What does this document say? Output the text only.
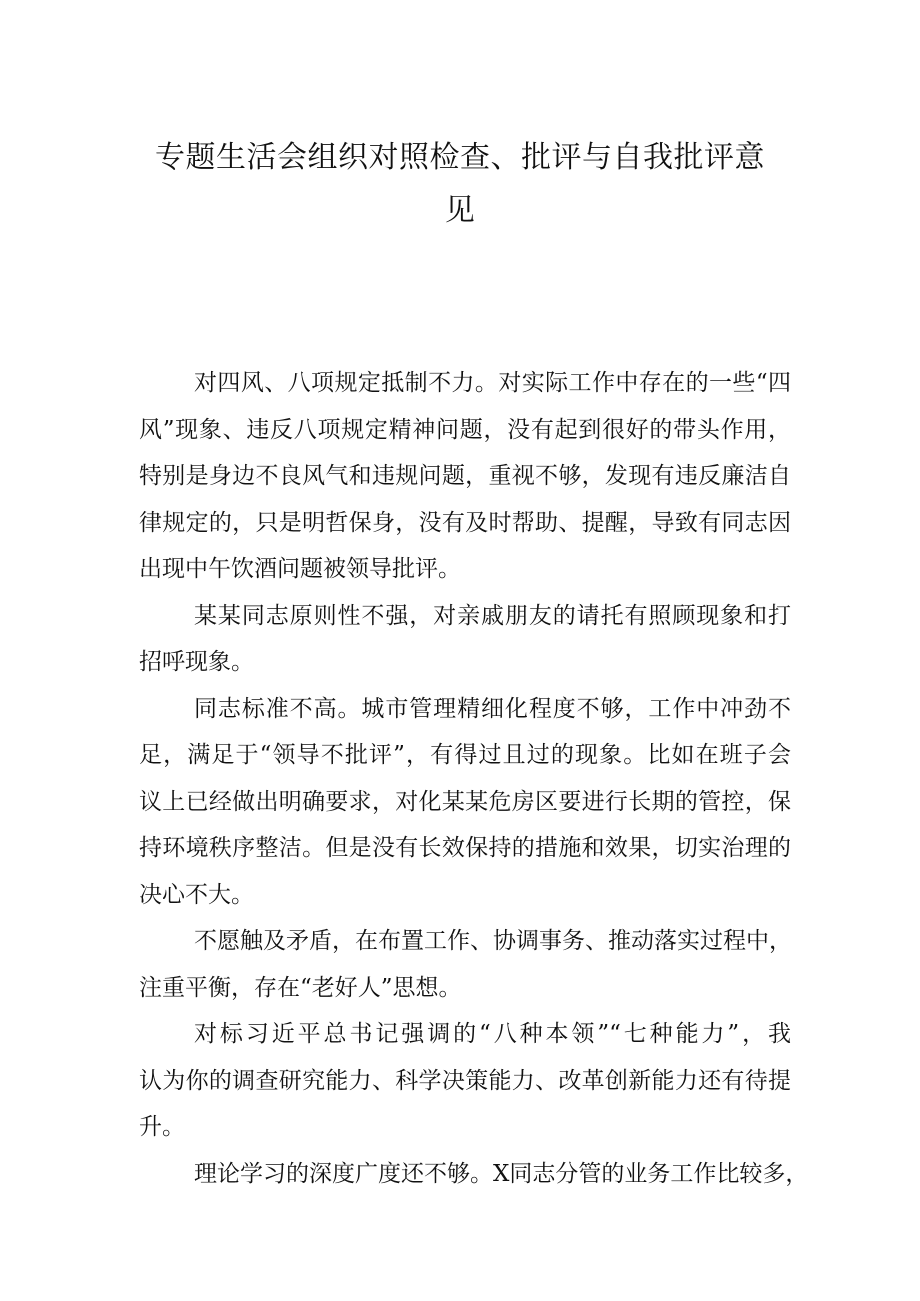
专题生活会组织对照检查、批评与自我批评意
见
对四风、八项规定抵制不力。对实际工作中存在的一些“四
风”现象、违反八项规定精神问题，没有起到很好的带头作用，
特别是身边不良风气和违规问题，重视不够，发现有违反廉洁自
律规定的，只是明哲保身，没有及时帮助、提醒，导致有同志因
出现中午饮酒问题被领导批评。
某某同志原则性不强，对亲戚朋友的请托有照顾现象和打
招呼现象。
同志标准不高。城市管理精细化程度不够，工作中冲劲不
足，满足于“领导不批评”，有得过且过的现象。比如在班子会
议上已经做出明确要求，对化某某危房区要进行长期的管控，保
持环境秩序整洁。但是没有长效保持的措施和效果，切实治理的
决心不大。
不愿触及矛盾，在布置工作、协调事务、推动落实过程中，
注重平衡，存在“老好人”思想。
对标习近平总书记强调的“八种本领”“七种能力”，我
认为你的调查研究能力、科学决策能力、改革创新能力还有待提
升。
理论学习的深度广度还不够。X同志分管的业务工作比较多，
